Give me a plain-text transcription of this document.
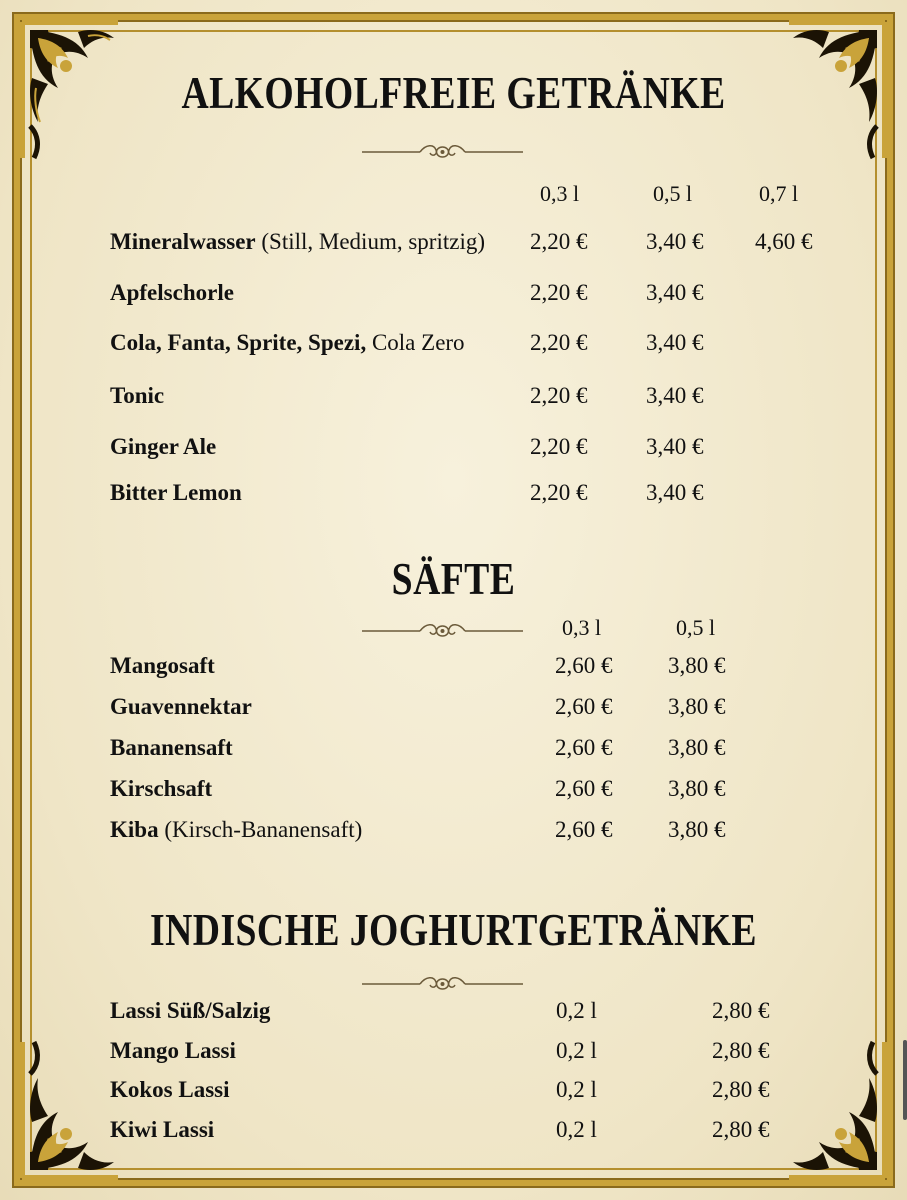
ALKOHOLFREIE GETRÄNKE
0,3 l	0,5 l	0,7 l
Mineralwasser (Still, Medium, spritzig) 2,20 €	3,40 € 4,60 €
Apfelschorle	2,20 €	3,40 €
Cola, Fanta, Sprite, Spezi, Cola Zero	2,20 €	3,40 €
Tonic	2,20 €	3,40 €
Ginger Ale	2,20 €	3,40 €
Bitter Lemon	2,20 €	3,40 €
SÄFTE
0,3 l	0,5 l
Mangosaft	2,60 € 3,80 €
Guavennektar	2,60 € 3,80 €
Bananensaft	2,60 € 3,80 €
Kirschsaft	2,60 € 3,80 €
Kiba (Kirsch-Bananensaft)	2,60 € 3,80 €
INDISCHE JOGHURTGETRÄNKE
Lassi Süß/Salzig	0,2 l	2,80 €
Mango Lassi	0,2 l	2,80 €
Kokos Lassi	0,2 l	2,80 €
Kiwi Lassi	0,2 l	2,80 €
